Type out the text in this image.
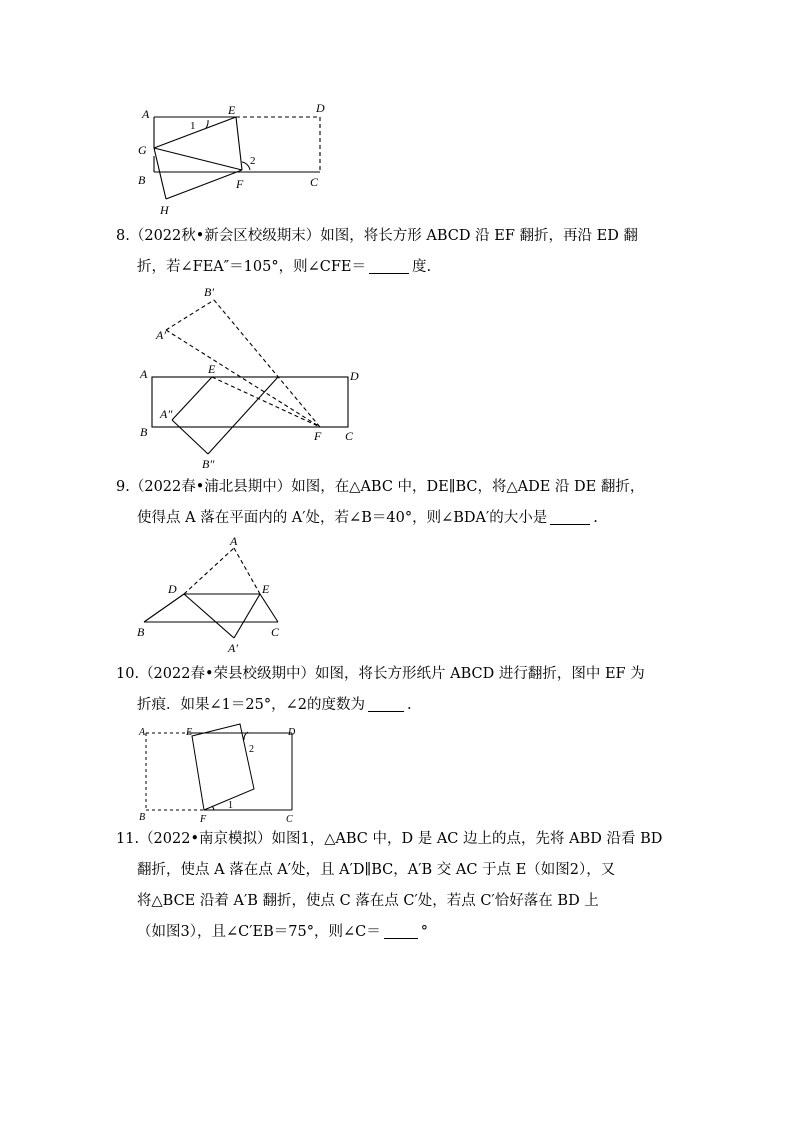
A	E	D
G
B	F	C
H
1
2
8.（2022秋•新会区校级期末）如图，将长方形 ABCD 沿 EF 翻折，再沿 ED 翻
折，若∠FEA″＝105°，则∠CFE＝	度.
B′
A′
A	E	D
A″
B	F C
B″
9.（2022春•浦北县期中）如图，在△ABC 中，DE∥BC，将△ADE 沿 DE 翻折，
使得点 A 落在平面内的 A′处，若∠B＝40°，则∠BDA′的大小是	.
A
D	E
B
A′
C
10.（2022春•荣县校级期中）如图，将长方形纸片 ABCD 进行翻折，图中 EF 为
折痕．如果∠1＝25°，∠2的度数为	.
A	E	D
B	F	C
2
1
11.（2022•南京模拟）如图1，△ABC 中，D 是 AC 边上的点，先将 ABD 沿看 BD
翻折，使点 A 落在点 A′处，且 A′D∥BC，A′B 交 AC 于点 E（如图2），又
将△BCE 沿着 A′B 翻折，使点 C 落在点 C′处，若点 C′恰好落在 BD 上
（如图3），且∠C′EB＝75°，则∠C＝	°
